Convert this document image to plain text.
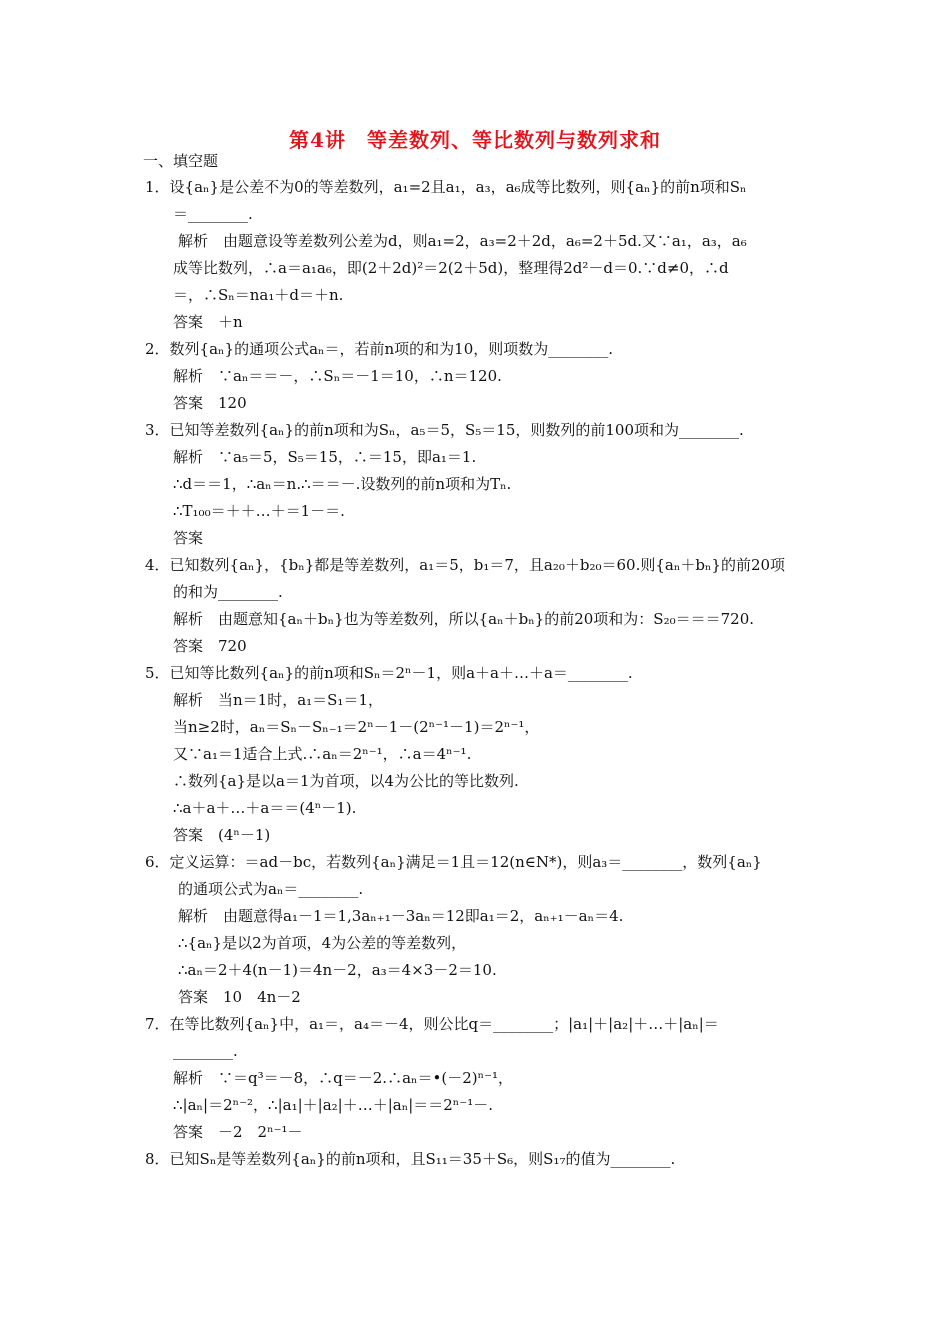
第4讲　等差数列、等比数列与数列求和
一、填空题
1．设{aₙ}是公差不为0的等差数列，a₁=2且a₁，a₃，a₆成等比数列，则{aₙ}的前n项和Sₙ
＝________.
解析　由题意设等差数列公差为d，则a₁=2，a₃=2＋2d，a₆=2＋5d.又∵a₁，a₃，a₆
成等比数列，∴a＝a₁a₆，即(2＋2d)²＝2(2＋5d)，整理得2d²－d＝0.∵d≠0，∴d
＝，∴Sₙ＝na₁＋d＝＋n.
答案　＋n
2．数列{aₙ}的通项公式aₙ＝，若前n项的和为10，则项数为________.
解析　∵aₙ＝＝－，∴Sₙ＝－1＝10，∴n＝120.
答案　120
3．已知等差数列{aₙ}的前n项和为Sₙ，a₅＝5，S₅＝15，则数列的前100项和为________.
解析　∵a₅＝5，S₅＝15，∴＝15，即a₁＝1.
∴d＝＝1，∴aₙ＝n.∴＝＝－.设数列的前n项和为Tₙ.
∴T₁₀₀＝＋＋…＋＝1－＝.
答案
4．已知数列{aₙ}，{bₙ}都是等差数列，a₁＝5，b₁＝7，且a₂₀＋b₂₀＝60.则{aₙ＋bₙ}的前20项
的和为________.
解析　由题意知{aₙ＋bₙ}也为等差数列，所以{aₙ＋bₙ}的前20项和为：S₂₀＝＝＝720.
答案　720
5．已知等比数列{aₙ}的前n项和Sₙ＝2ⁿ－1，则a＋a＋…＋a＝________.
解析　当n＝1时，a₁＝S₁＝1，
当n≥2时，aₙ＝Sₙ－Sₙ₋₁＝2ⁿ－1－(2ⁿ⁻¹－1)＝2ⁿ⁻¹，
又∵a₁＝1适合上式.∴aₙ＝2ⁿ⁻¹，∴a＝4ⁿ⁻¹.
∴数列{a}是以a＝1为首项，以4为公比的等比数列.
∴a＋a＋…＋a＝＝(4ⁿ－1).
答案　(4ⁿ－1)
6．定义运算：＝ad－bc，若数列{aₙ}满足＝1且＝12(n∈N*)，则a₃＝________，数列{aₙ}
的通项公式为aₙ＝________.
解析　由题意得a₁－1＝1,3aₙ₊₁－3aₙ＝12即a₁＝2，aₙ₊₁－aₙ＝4.
∴{aₙ}是以2为首项，4为公差的等差数列，
∴aₙ＝2＋4(n－1)＝4n－2，a₃＝4×3－2＝10.
答案　10　4n－2
7．在等比数列{aₙ}中，a₁＝，a₄＝－4，则公比q＝________；|a₁|＋|a₂|＋…＋|aₙ|＝
________.
解析　∵＝q³＝－8，∴q＝－2.∴aₙ＝•(－2)ⁿ⁻¹，
∴|aₙ|＝2ⁿ⁻²，∴|a₁|＋|a₂|＋…＋|aₙ|＝＝2ⁿ⁻¹－.
答案　－2　2ⁿ⁻¹－
8．已知Sₙ是等差数列{aₙ}的前n项和，且S₁₁＝35＋S₆，则S₁₇的值为________.
